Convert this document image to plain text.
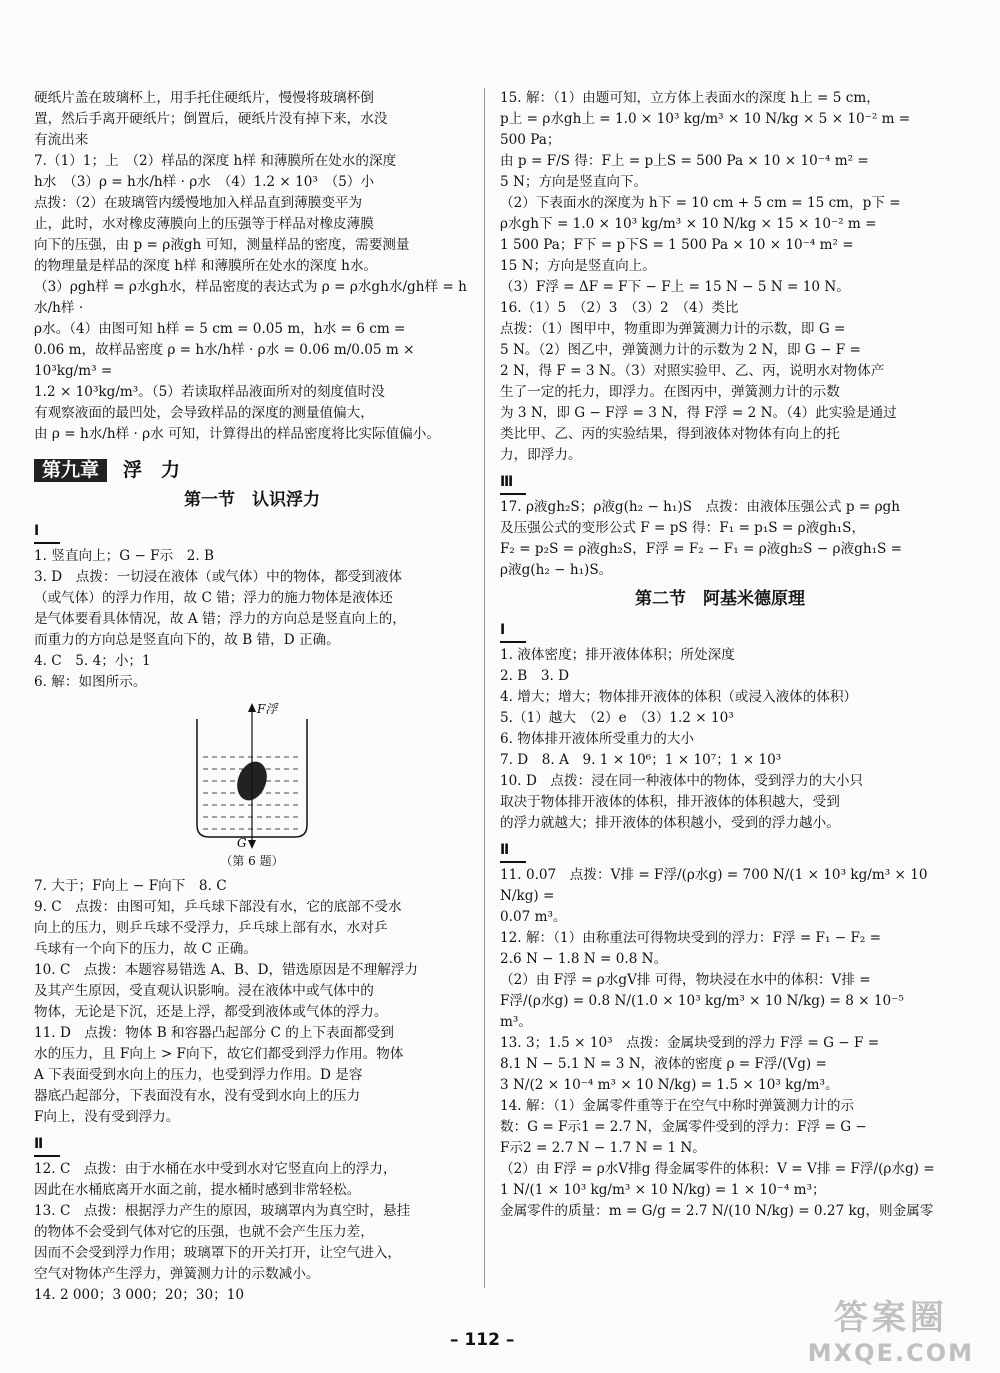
硬纸片盖在玻璃杯上，用手托住硬纸片，慢慢将玻璃杯倒

置，然后手离开硬纸片；倒置后，硬纸片没有掉下来，水没

有流出来

7.（1）1；上　（2）样品的深度 h样 和薄膜所在处水的深度

h水　（3）ρ = h水/h样 · ρ水　（4）1.2 × 10³　（5）小

点拨：（2）在玻璃管内缓慢地加入样品直到薄膜变平为

止，此时，水对橡皮薄膜向上的压强等于样品对橡皮薄膜

向下的压强，由 p = ρ液gh 可知，测量样品的密度，需要测量

的物理量是样品的深度 h样 和薄膜所在处水的深度 h水。

（3）ρgh样 = ρ水gh水，样品密度的表达式为 ρ = ρ水gh水/gh样 = h水/h样 ·

ρ水。（4）由图可知 h样 = 5 cm = 0.05 m，h水 = 6 cm =

0.06 m，故样品密度 ρ = h水/h样 · ρ水 = 0.06 m/0.05 m × 10³kg/m³ =

1.2 × 10³kg/m³。（5）若读取样品液面所对的刻度值时没

有观察液面的最凹处，会导致样品的深度的测量值偏大，

由 ρ = h水/h样 · ρ水 可知，计算得出的样品密度将比实际值偏小。

第九章	浮　力
第一节　认识浮力
Ⅰ

1. 竖直向上；G − F示　2. B

3. D　点拨：一切浸在液体（或气体）中的物体，都受到液体

（或气体）的浮力作用，故 C 错；浮力的施力物体是液体还

是气体要看具体情况，故 A 错；浮力的方向总是竖直向上的，

而重力的方向总是竖直向下的，故 B 错，D 正确。

4. C　5. 4；小；1

6. 解：如图所示。

F浮
G
（第 6 题）

7. 大于；F向上 − F向下　8. C

9. C　点拨：由图可知，乒乓球下部没有水，它的底部不受水

向上的压力，则乒乓球不受浮力，乒乓球上部有水，水对乒

乓球有一个向下的压力，故 C 正确。

10. C　点拨：本题容易错选 A、B、D，错选原因是不理解浮力

及其产生原因，受直观认识影响。浸在液体中或气体中的

物体，无论是下沉，还是上浮，都受到液体或气体的浮力。

11. D　点拨：物体 B 和容器凸起部分 C 的上下表面都受到

水的压力，且 F向上 > F向下，故它们都受到浮力作用。物体

A 下表面受到水向上的压力，也受到浮力作用。D 是容

器底凸起部分，下表面没有水，没有受到水向上的压力

F向上，没有受到浮力。

Ⅱ

12. C　点拨：由于水桶在水中受到水对它竖直向上的浮力，

因此在水桶底离开水面之前，提水桶时感到非常轻松。

13. C　点拨：根据浮力产生的原因，玻璃罩内为真空时，悬挂

的物体不会受到气体对它的压强，也就不会产生压力差，

因而不会受到浮力作用；玻璃罩下的开关打开，让空气进入，

空气对物体产生浮力，弹簧测力计的示数减小。

14. 2 000；3 000；20；30；10

15. 解：（1）由题可知，立方体上表面水的深度 h上 = 5 cm，

p上 = ρ水gh上 = 1.0 × 10³ kg/m³ × 10 N/kg × 5 × 10⁻² m =

500 Pa；

由 p = F/S 得：F上 = p上S = 500 Pa × 10 × 10⁻⁴ m² =

5 N；方向是竖直向下。

（2）下表面水的深度为 h下 = 10 cm + 5 cm = 15 cm，p下 =

ρ水gh下 = 1.0 × 10³ kg/m³ × 10 N/kg × 15 × 10⁻² m =

1 500 Pa；F下 = p下S = 1 500 Pa × 10 × 10⁻⁴ m² =

15 N；方向是竖直向上。

（3）F浮 = ΔF = F下 − F上 = 15 N − 5 N = 10 N。

16.（1）5　（2）3　（3）2　（4）类比

点拨：（1）图甲中，物重即为弹簧测力计的示数，即 G =

5 N。（2）图乙中，弹簧测力计的示数为 2 N，即 G − F =

2 N，得 F = 3 N。（3）对照实验甲、乙、丙，说明水对物体产

生了一定的托力，即浮力。在图丙中，弹簧测力计的示数

为 3 N，即 G − F浮 = 3 N，得 F浮 = 2 N。（4）此实验是通过

类比甲、乙、丙的实验结果，得到液体对物体有向上的托

力，即浮力。

Ⅲ

17. ρ液gh₂S；ρ液g(h₂ − h₁)S　点拨：由液体压强公式 p = ρgh

及压强公式的变形公式 F = pS 得：F₁ = p₁S = ρ液gh₁S，

F₂ = p₂S = ρ液gh₂S，F浮 = F₂ − F₁ = ρ液gh₂S − ρ液gh₁S =

ρ液g(h₂ − h₁)S。

第二节　阿基米德原理
Ⅰ

1. 液体密度；排开液体体积；所处深度

2. B　3. D

4. 增大；增大；物体排开液体的体积（或浸入液体的体积）

5.（1）越大　（2）e　（3）1.2 × 10³

6. 物体排开液体所受重力的大小

7. D　8. A　9. 1 × 10⁶；1 × 10⁷；1 × 10³

10. D　点拨：浸在同一种液体中的物体，受到浮力的大小只

取决于物体排开液体的体积，排开液体的体积越大，受到

的浮力就越大；排开液体的体积越小，受到的浮力越小。

Ⅱ

11. 0.07　点拨：V排 = F浮/(ρ水g) = 700 N/(1 × 10³ kg/m³ × 10 N/kg) =

0.07 m³。

12. 解：（1）由称重法可得物块受到的浮力：F浮 = F₁ − F₂ =

2.6 N − 1.8 N = 0.8 N。

（2）由 F浮 = ρ水gV排 可得，物块浸在水中的体积：V排 =

F浮/(ρ水g) = 0.8 N/(1.0 × 10³ kg/m³ × 10 N/kg) = 8 × 10⁻⁵ m³。

13. 3；1.5 × 10³　点拨：金属块受到的浮力 F浮 = G − F =

8.1 N − 5.1 N = 3 N，液体的密度 ρ = F浮/(Vg) =

3 N/(2 × 10⁻⁴ m³ × 10 N/kg) = 1.5 × 10³ kg/m³。

14. 解：（1）金属零件重等于在空气中称时弹簧测力计的示

数：G = F示1 = 2.7 N，金属零件受到的浮力：F浮 = G −

F示2 = 2.7 N − 1.7 N = 1 N。

（2）由 F浮 = ρ水V排g 得金属零件的体积：V = V排 = F浮/(ρ水g) =

1 N/(1 × 10³ kg/m³ × 10 N/kg) = 1 × 10⁻⁴ m³；

金属零件的质量：m = G/g = 2.7 N/(10 N/kg) = 0.27 kg，则金属零

– 112 –
答案圈
MXQE.COM
